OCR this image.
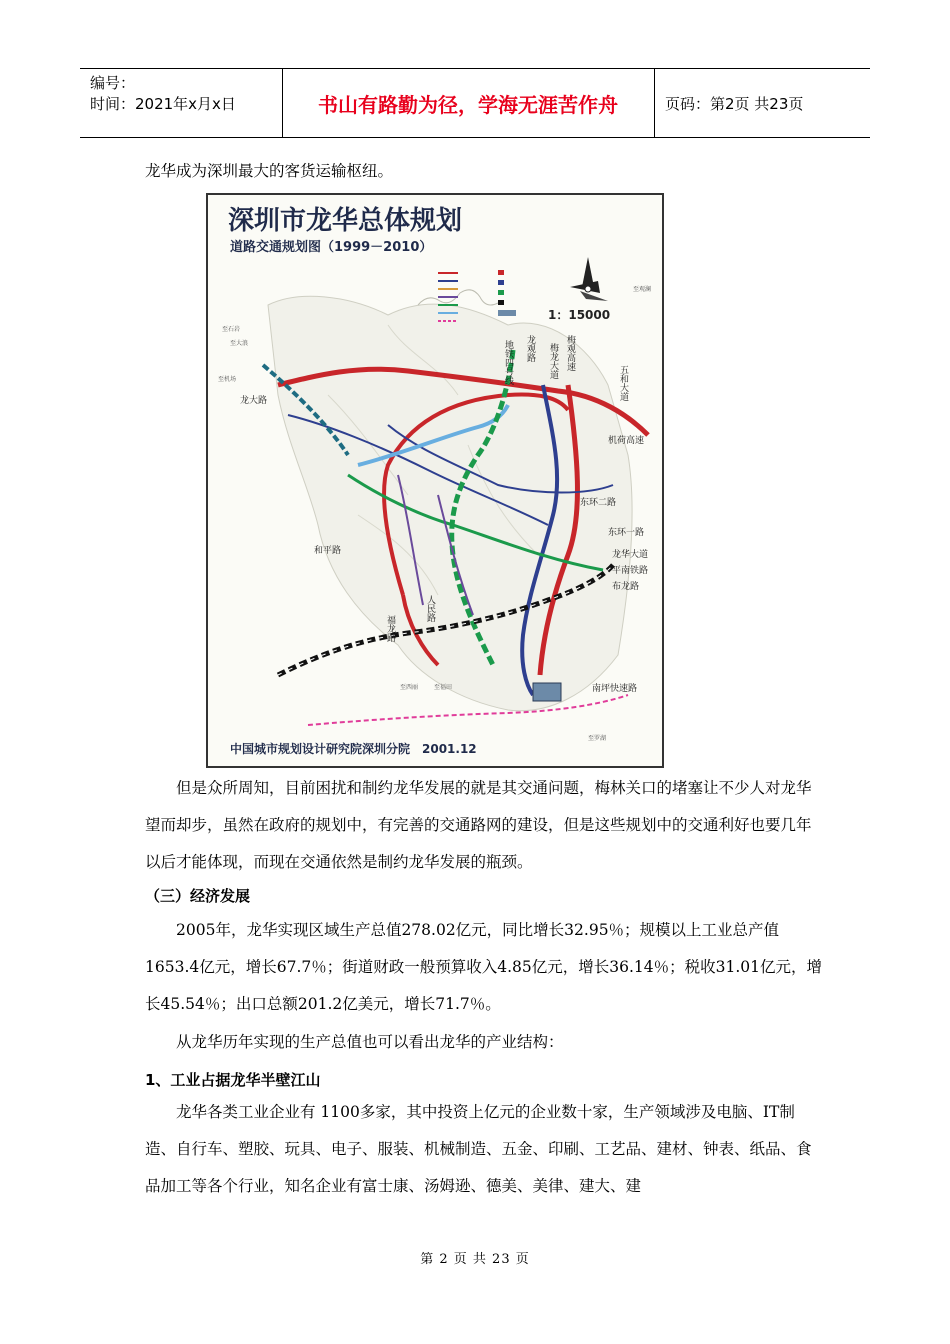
编号：
时间：2021年x月x日	书山有路勤为径，学海无涯苦作舟	页码：第2页 共23页
龙华成为深圳最大的客货运输枢纽。
深圳市龙华总体规划
道路交通规划图（1999－2010）
1：15000
地铁四号线 龙观路 梅龙大道 梅观高速
五和大道
机荷高速
东环二路
东环一路
龙华大道
平南铁路
布龙路
龙大路
和平路
福龙路
人民路
南坪快速路
至石岩
至大浪
至机场
至西丽	至福田
至罗湖
至观澜
中国城市规划设计研究院深圳分院　2001.12
但是众所周知，目前困扰和制约龙华发展的就是其交通问题，梅林关口的堵塞让不少人对龙华望而却步，虽然在政府的规划中，有完善的交通路网的建设，但是这些规划中的交通利好也要几年以后才能体现，而现在交通依然是制约龙华发展的瓶颈。
（三）经济发展
2005年，龙华实现区域生产总值278.02亿元，同比增长32.95％；规模以上工业总产值1653.4亿元，增长67.7％；街道财政一般预算收入4.85亿元，增长36.14％；税收31.01亿元，增长45.54％；出口总额201.2亿美元，增长71.7％。
从龙华历年实现的生产总值也可以看出龙华的产业结构：
1、工业占据龙华半壁江山
龙华各类工业企业有 1100多家，其中投资上亿元的企业数十家，生产领域涉及电脑、IT制造、自行车、塑胶、玩具、电子、服装、机械制造、五金、印刷、工艺品、建材、钟表、纸品、食品加工等各个行业，知名企业有富士康、汤姆逊、德美、美律、建大、建
第 2 页 共 23 页
